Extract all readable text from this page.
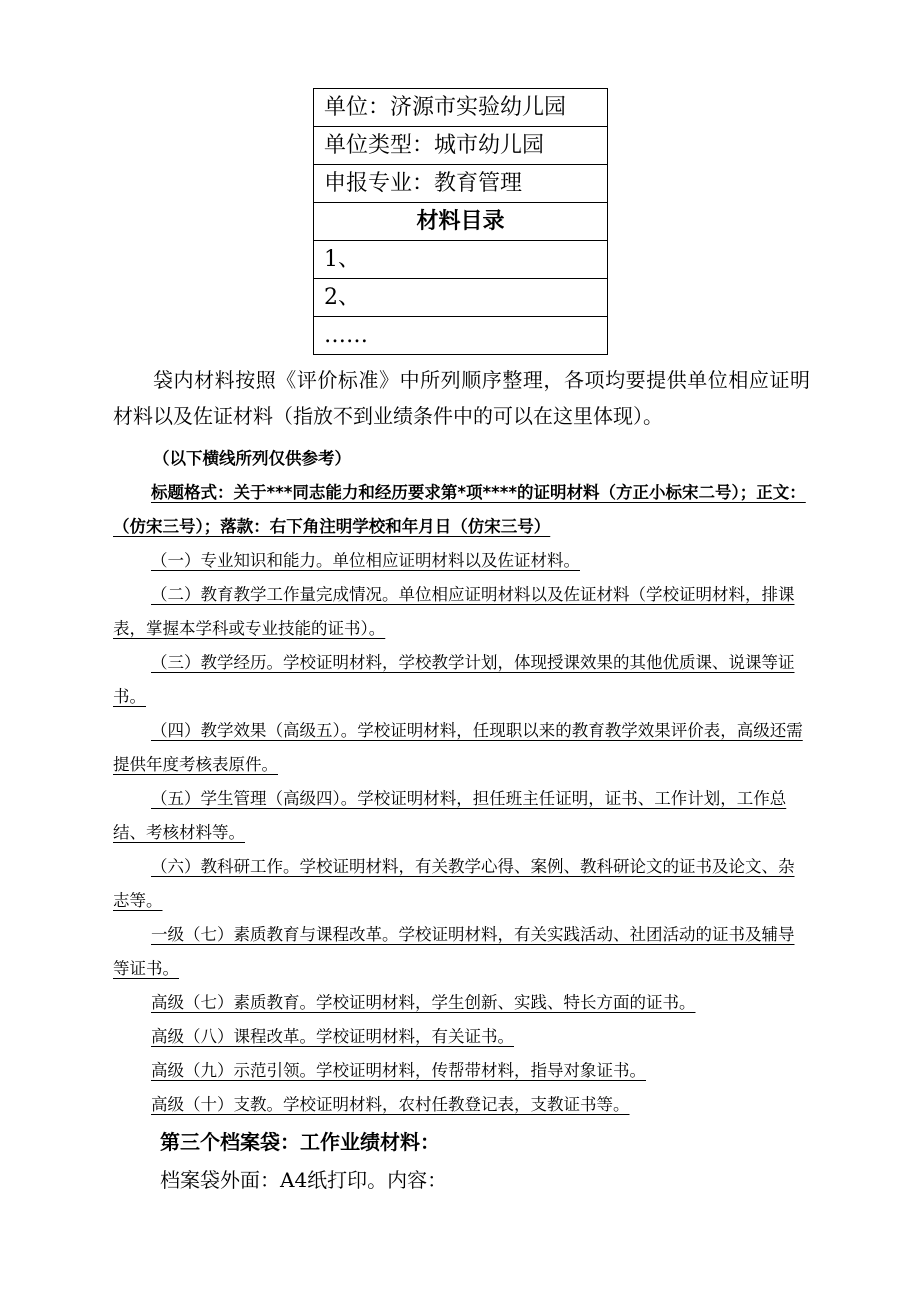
单位：济源市实验幼儿园
单位类型：城市幼儿园
申报专业：教育管理
材料目录
1、
2、
……
袋内材料按照《评价标准》中所列顺序整理，各项均要提供单位相应证明材料以及佐证材料（指放不到业绩条件中的可以在这里体现）。

（以下横线所列仅供参考）

标题格式：关于***同志能力和经历要求第*项****的证明材料（方正小标宋二号）；正文：（仿宋三号）；落款：右下角注明学校和年月日（仿宋三号）

（一）专业知识和能力。单位相应证明材料以及佐证材料。

（二）教育教学工作量完成情况。单位相应证明材料以及佐证材料（学校证明材料，排课表，掌握本学科或专业技能的证书）。

（三）教学经历。学校证明材料，学校教学计划，体现授课效果的其他优质课、说课等证书。

（四）教学效果（高级五）。学校证明材料，任现职以来的教育教学效果评价表，高级还需提供年度考核表原件。

（五）学生管理（高级四）。学校证明材料，担任班主任证明，证书、工作计划，工作总结、考核材料等。

（六）教科研工作。学校证明材料，有关教学心得、案例、教科研论文的证书及论文、杂志等。

一级（七）素质教育与课程改革。学校证明材料，有关实践活动、社团活动的证书及辅导等证书。

高级（七）素质教育。学校证明材料，学生创新、实践、特长方面的证书。

高级（八）课程改革。学校证明材料，有关证书。

高级（九）示范引领。学校证明材料，传帮带材料，指导对象证书。

高级（十）支教。学校证明材料，农村任教登记表，支教证书等。

第三个档案袋：工作业绩材料：
档案袋外面：A4纸打印。内容：
